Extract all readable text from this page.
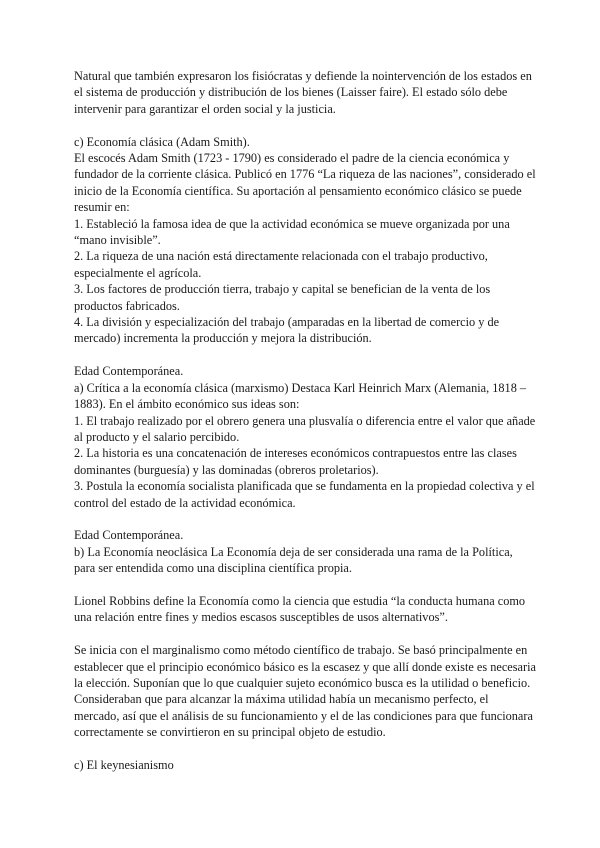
Natural que también expresaron los fisiócratas y defiende la nointervención de los estados en
el sistema de producción y distribución de los bienes (Laisser faire). El estado sólo debe
intervenir para garantizar el orden social y la justicia.
c) Economía clásica (Adam Smith).
El escocés Adam Smith (1723 - 1790) es considerado el padre de la ciencia económica y
fundador de la corriente clásica. Publicó en 1776 “La riqueza de las naciones”, considerado el
inicio de la Economía científica. Su aportación al pensamiento económico clásico se puede
resumir en:
1. Estableció la famosa idea de que la actividad económica se mueve organizada por una
“mano invisible”.
2. La riqueza de una nación está directamente relacionada con el trabajo productivo,
especialmente el agrícola.
3. Los factores de producción tierra, trabajo y capital se benefician de la venta de los
productos fabricados.
4. La división y especialización del trabajo (amparadas en la libertad de comercio y de
mercado) incrementa la producción y mejora la distribución.
Edad Contemporánea.
a) Crítica a la economía clásica (marxismo) Destaca Karl Heinrich Marx (Alemania, 1818 –
1883). En el ámbito económico sus ideas son:
1. El trabajo realizado por el obrero genera una plusvalía o diferencia entre el valor que añade
al producto y el salario percibido.
2. La historia es una concatenación de intereses económicos contrapuestos entre las clases
dominantes (burguesía) y las dominadas (obreros proletarios).
3. Postula la economía socialista planificada que se fundamenta en la propiedad colectiva y el
control del estado de la actividad económica.
Edad Contemporánea.
b) La Economía neoclásica La Economía deja de ser considerada una rama de la Política,
para ser entendida como una disciplina científica propia.
Lionel Robbins define la Economía como la ciencia que estudia “la conducta humana como
una relación entre fines y medios escasos susceptibles de usos alternativos”.
Se inicia con el marginalismo como método científico de trabajo. Se basó principalmente en
establecer que el principio económico básico es la escasez y que allí donde existe es necesaria
la elección. Suponían que lo que cualquier sujeto económico busca es la utilidad o beneficio.
Consideraban que para alcanzar la máxima utilidad había un mecanismo perfecto, el
mercado, así que el análisis de su funcionamiento y el de las condiciones para que funcionara
correctamente se convirtieron en su principal objeto de estudio.
c) El keynesianismo
